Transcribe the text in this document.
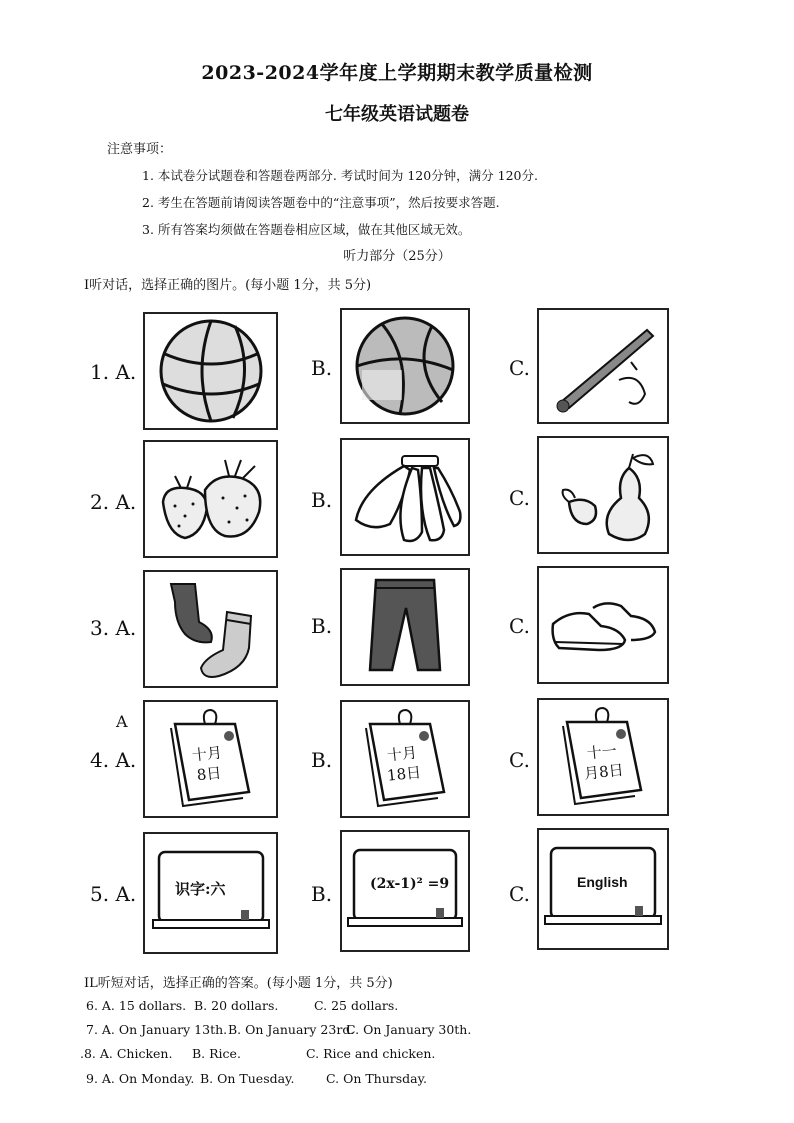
2023-2024学年度上学期期末教学质量检测
七年级英语试题卷
注意事项：
1. 本试卷分试题卷和答题卷两部分. 考试时间为 120分钟，满分 120分.
2. 考生在答题前请阅读答题卷中的“注意事项”，然后按要求答题.
3. 所有答案均须做在答题卷相应区域，做在其他区域无效。
听力部分（25分）
I听对话，选择正确的图片。(每小题 1分，共 5分)
1. A.	B.	C.
2. A.	B.	C.
3. A.	B.	C.
A
4. A.	B.	C.
十月
8日
十月
18日
十一
月8日
5. A.	B.	C.
识字:六	(2x-1)² =9	English
IL听短对话，选择正确的答案。(每小题 1分，共 5分)
6. A. 15 dollars. B. 20 dollars.	C. 25 dollars.
7. A. On January 13th.B. On January 23rd.C. On January 30th.
.8. A. Chicken. B. Rice.	C. Rice and chicken.
9. A. On Monday. B. On Tuesday.	C. On Thursday.
